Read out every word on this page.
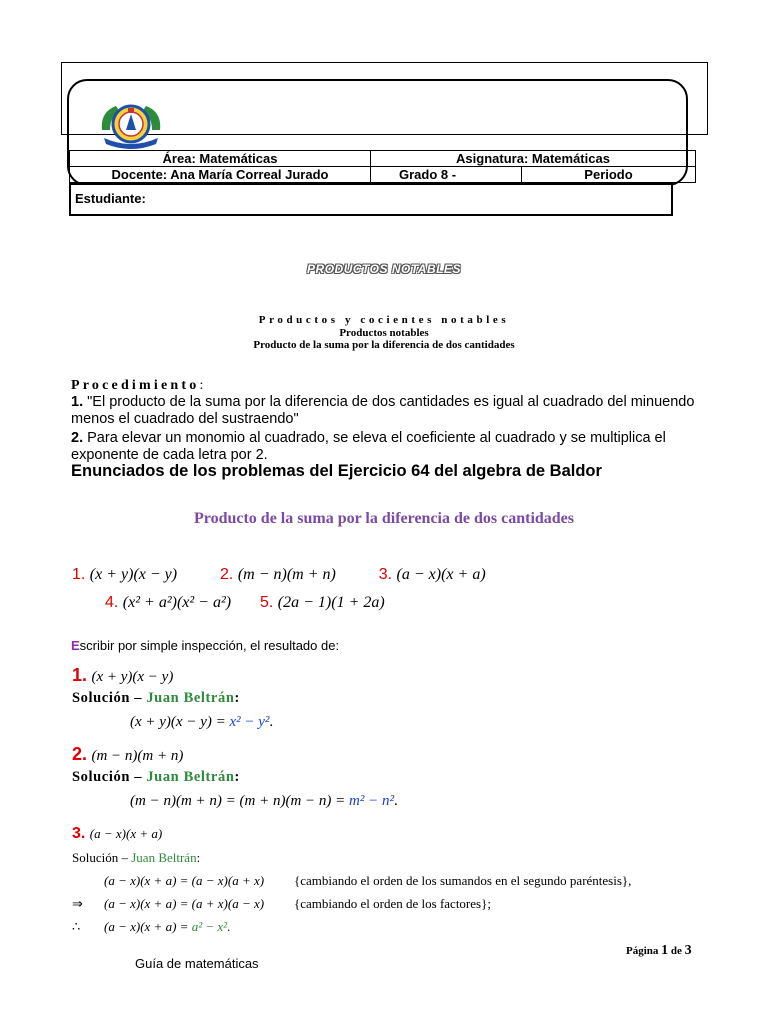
Área: Matemáticas	Asignatura: Matemáticas	
Docente: Ana María Correal Jurado	Grado 8 -	Periodo
Estudiante:
PRODUCTOS NOTABLES
Productos y cocientes notables
Productos notables
Producto de la suma por la diferencia de dos cantidades
Procedimiento:
1. "El producto de la suma por la diferencia de dos cantidades es igual al cuadrado del minuendo menos el cuadrado del sustraendo"
2. Para elevar un monomio al cuadrado, se eleva el coeficiente al cuadrado y se multiplica el exponente de cada letra por 2.
Enunciados de los problemas del Ejercicio 64 del algebra de Baldor
Producto de la suma por la diferencia de dos cantidades
1. (x + y)(x − y)	2. (m − n)(m + n)	3. (a − x)(x + a)
4. (x² + a²)(x² − a²) 5. (2a − 1)(1 + 2a)
Escribir por simple inspección, el resultado de:
1. (x + y)(x − y)
Solución – Juan Beltrán:
(x + y)(x − y) = x² − y².
2. (m − n)(m + n)
Solución – Juan Beltrán:
(m − n)(m + n) = (m + n)(m − n) = m² − n².
3. (a − x)(x + a)
Solución – Juan Beltrán:
(a − x)(x + a) = (a − x)(a + x) {cambiando el orden de los sumandos en el segundo paréntesis},
⇒	(a − x)(x + a) = (a + x)(a − x) {cambiando el orden de los factores};
∴	(a − x)(x + a) = a² − x².
Página 1 de 3
Guía de matemáticas
